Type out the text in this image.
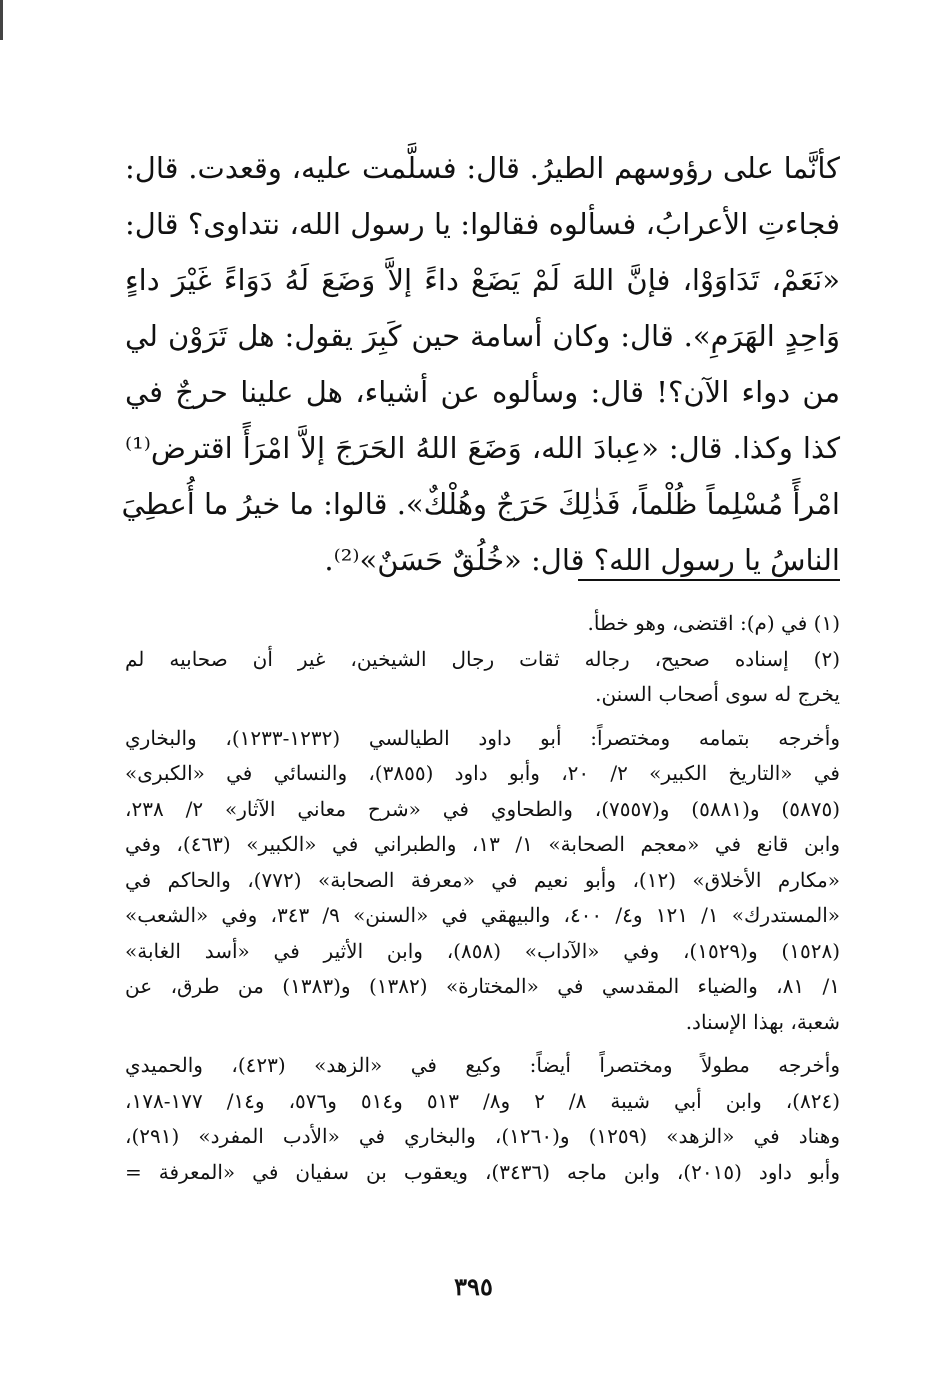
كأنَّما على رؤوسهم الطيرُ. قال: فسلَّمت عليه، وقعدت. قال:
فجاءتِ الأعرابُ، فسألوه فقالوا: يا رسول الله، نتداوى؟ قال:
«نَعَمْ، تَدَاوَوْا، فإنَّ اللهَ لَمْ يَضَعْ داءً إلاَّ وَضَعَ لَهُ دَوَاءً غَيْرَ داءٍ
وَاحِدٍ الهَرَمِ». قال: وكان أسامة حين كَبِرَ يقول: هل تَرَوْن لي
من دواء الآن؟! قال: وسألوه عن أشياء، هل علينا حرجٌ في
كذا وكذا. قال: «عِبادَ الله، وَضَعَ اللهُ الحَرَجَ إلاَّ امْرَأً اقترض⁽¹⁾
امْرأً مُسْلِماً ظُلْماً، فَذٰلِكَ حَرَجٌ وهُلْكٌ». قالوا: ما خيرُ ما أُعطِيَ
الناسُ يا رسول الله؟ قال: «خُلُقٌ حَسَنٌ»⁽²⁾.
(١) في (م): اقتضى، وهو خطأ.
(٢) إسناده صحيح، رجاله ثقات رجال الشيخين، غير أن صحابيه لم
يخرج له سوى أصحاب السنن.
وأخرجه بتمامه ومختصراً: أبو داود الطيالسي (١٢٣٢-١٢٣٣)، والبخاري
في «التاريخ الكبير» ٢/ ٢٠، وأبو داود (٣٨٥٥)، والنسائي في «الكبرى»
(٥٨٧٥) و(٥٨٨١) و(٧٥٥٧)، والطحاوي في «شرح معاني الآثار» ٢/ ٢٣٨،
وابن قانع في «معجم الصحابة» ١/ ١٣، والطبراني في «الكبير» (٤٦٣)، وفي
«مكارم الأخلاق» (١٢)، وأبو نعيم في «معرفة الصحابة» (٧٧٢)، والحاكم في
«المستدرك» ١/ ١٢١ و٤/ ٤٠٠، والبيهقي في «السنن» ٩/ ٣٤٣، وفي «الشعب»
(١٥٢٨) و(١٥٢٩)، وفي «الآداب» (٨٥٨)، وابن الأثير في «أسد الغابة»
١/ ٨١، والضياء المقدسي في «المختارة» (١٣٨٢) و(١٣٨٣) من طرق، عن
شعبة، بهذا الإسناد.
وأخرجه مطولاً ومختصراً أيضاً: وكيع في «الزهد» (٤٢٣)، والحميدي
(٨٢٤)، وابن أبي شيبة ٨/ ٢ و٨/ ٥١٣ و٥١٤ و٥٧٦، و١٤/ ١٧٧-١٧٨،
وهناد في «الزهد» (١٢٥٩) و(١٢٦٠)، والبخاري في «الأدب المفرد» (٢٩١)،
وأبو داود (٢٠١٥)، وابن ماجه (٣٤٣٦)، ويعقوب بن سفيان في «المعرفة =
٣٩٥
